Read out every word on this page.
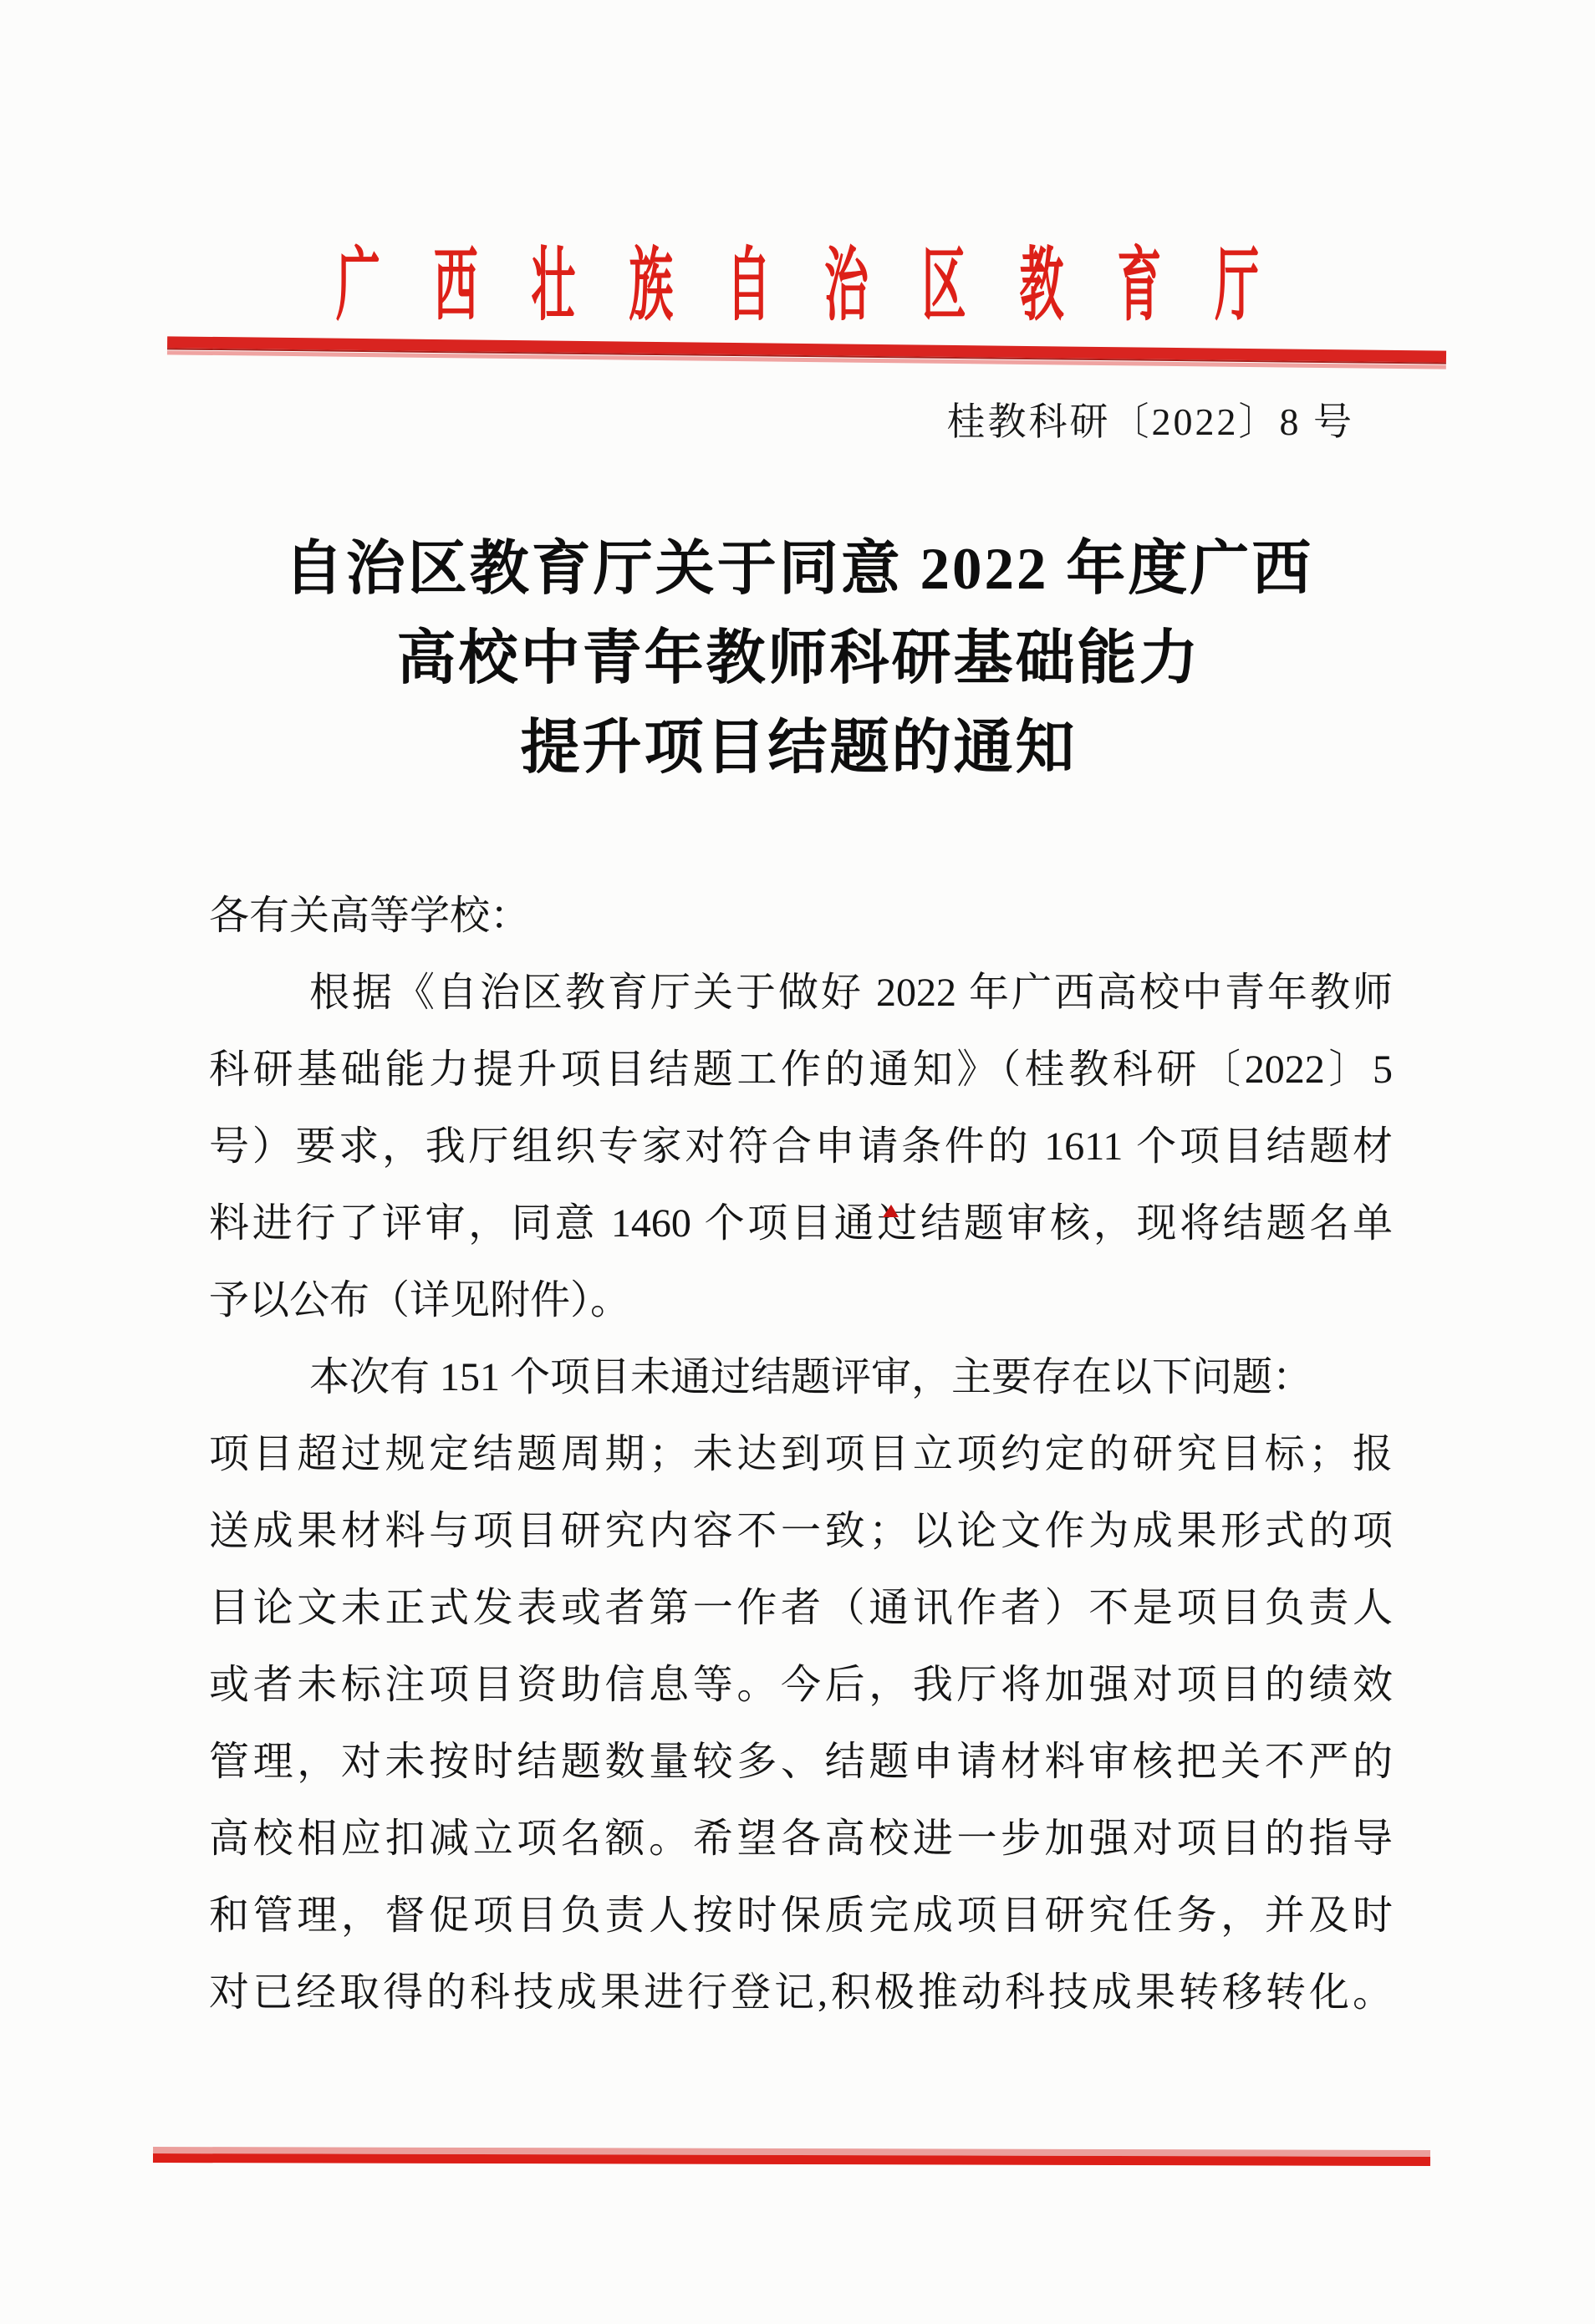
广西壮族自治区教育厅
桂教科研〔2022〕8 号
自治区教育厅关于同意 2022 年度广西
高校中青年教师科研基础能力
提升项目结题的通知
各有关高等学校：
根据《自治区教育厅关于做好 2022 年广西高校中青年教师
科研基础能力提升项目结题工作的通知》（桂教科研〔2022〕5
号）要求，我厅组织专家对符合申请条件的 1611 个项目结题材
料进行了评审，同意 1460 个项目通过结题审核，现将结题名单
予以公布（详见附件）。
本次有 151 个项目未通过结题评审，主要存在以下问题：
项目超过规定结题周期；未达到项目立项约定的研究目标；报
送成果材料与项目研究内容不一致；以论文作为成果形式的项
目论文未正式发表或者第一作者（通讯作者）不是项目负责人
或者未标注项目资助信息等。今后，我厅将加强对项目的绩效
管理，对未按时结题数量较多、结题申请材料审核把关不严的
高校相应扣减立项名额。希望各高校进一步加强对项目的指导
和管理，督促项目负责人按时保质完成项目研究任务，并及时
对已经取得的科技成果进行登记,积极推动科技成果转移转化。
